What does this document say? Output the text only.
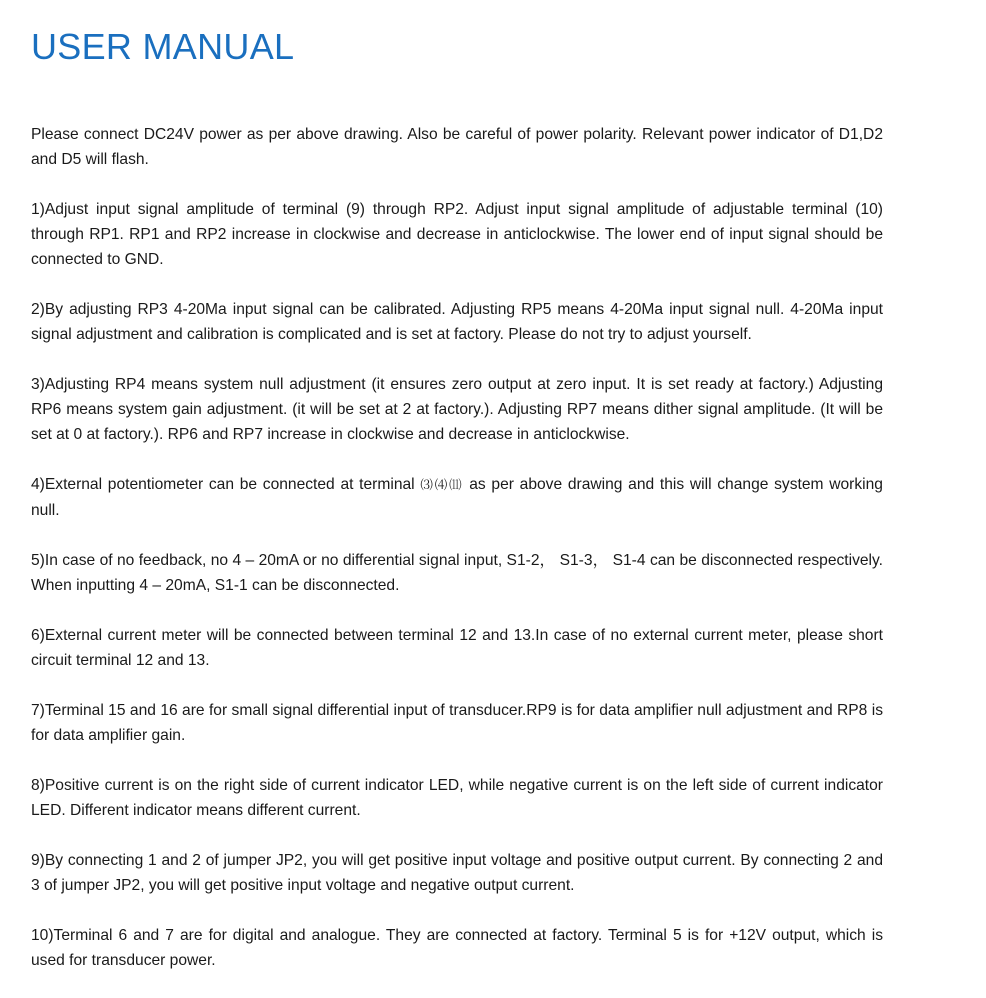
USER MANUAL

Please connect DC24V power as per above drawing. Also be careful of power polarity. Relevant power indicator of D1,D2 and D5 will flash.

1)Adjust input signal amplitude of terminal (9) through RP2. Adjust input signal amplitude of adjustable terminal (10) through RP1. RP1 and RP2 increase in clockwise and decrease in anticlockwise. The lower end of input signal should be connected to GND.

2)By adjusting RP3 4-20Ma input signal can be calibrated. Adjusting RP5 means 4-20Ma input signal null. 4-20Ma input signal adjustment and calibration is complicated and is set at factory. Please do not try to adjust yourself.

3)Adjusting RP4 means system null adjustment (it ensures zero output at zero input. It is set ready at factory.) Adjusting RP6 means system gain adjustment. (it will be set at 2 at factory.). Adjusting RP7 means dither signal amplitude. (It will be set at 0 at factory.). RP6 and RP7 increase in clockwise and decrease in anticlockwise.

4)External potentiometer can be connected at terminal ⑶⑷⑾ as per above drawing and this will change system working null.

5)In case of no feedback, no 4 – 20mA or no differential signal input, S1-2， S1-3， S1-4 can be disconnected respectively. When inputting 4 – 20mA, S1-1 can be disconnected.

6)External current meter will be connected between terminal 12 and 13.In case of no external current meter, please short circuit terminal 12 and 13.

7)Terminal 15 and 16 are for small signal differential input of transducer.RP9 is for data amplifier null adjustment and RP8 is for data amplifier gain.

8)Positive current is on the right side of current indicator LED, while negative current is on the left side of current indicator LED. Different indicator means different current.

9)By connecting 1 and 2 of jumper JP2, you will get positive input voltage and positive output current. By connecting 2 and 3 of jumper JP2, you will get positive input voltage and negative output current.

10)Terminal 6 and 7 are for digital and analogue. They are connected at factory. Terminal 5 is for +12V output, which is used for transducer power.
